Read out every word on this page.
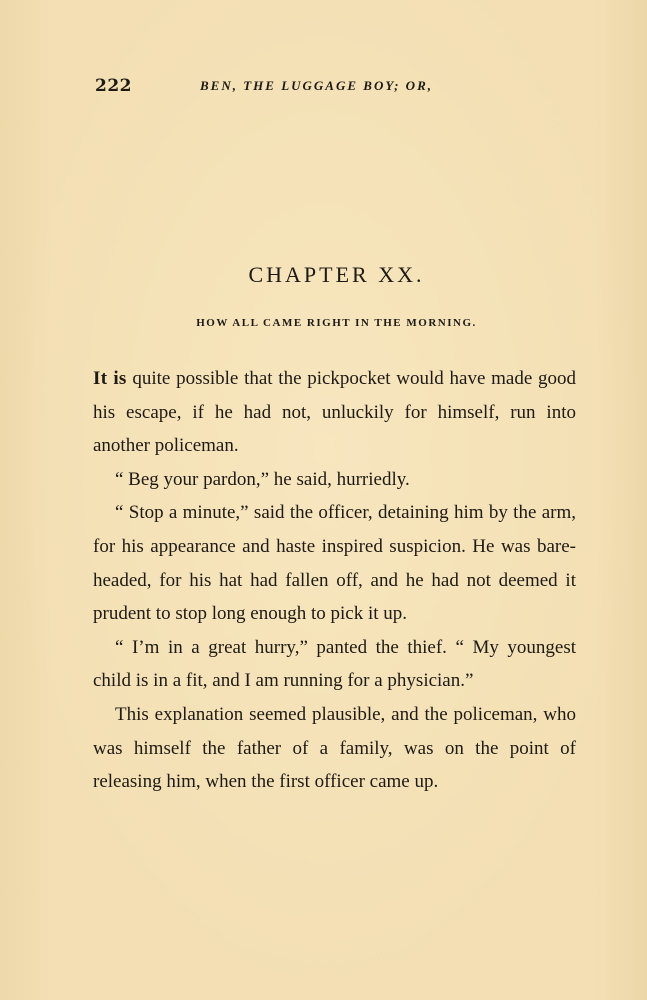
222	BEN, THE LUGGAGE BOY; OR,
CHAPTER XX.
HOW ALL CAME RIGHT IN THE MORNING.

It is quite possible that the pickpocket would have made good his escape, if he had not, unluckily for himself, run into another policeman.

“ Beg your pardon,” he said, hurriedly.

“ Stop a minute,” said the officer, detaining him by the arm, for his appearance and haste inspired suspicion. He was bare-headed, for his hat had fallen off, and he had not deemed it prudent to stop long enough to pick it up.

“ I’m in a great hurry,” panted the thief. “ My youngest child is in a fit, and I am running for a physician.”

This explanation seemed plausible, and the policeman, who was himself the father of a family, was on the point of releasing him, when the first officer came up.
